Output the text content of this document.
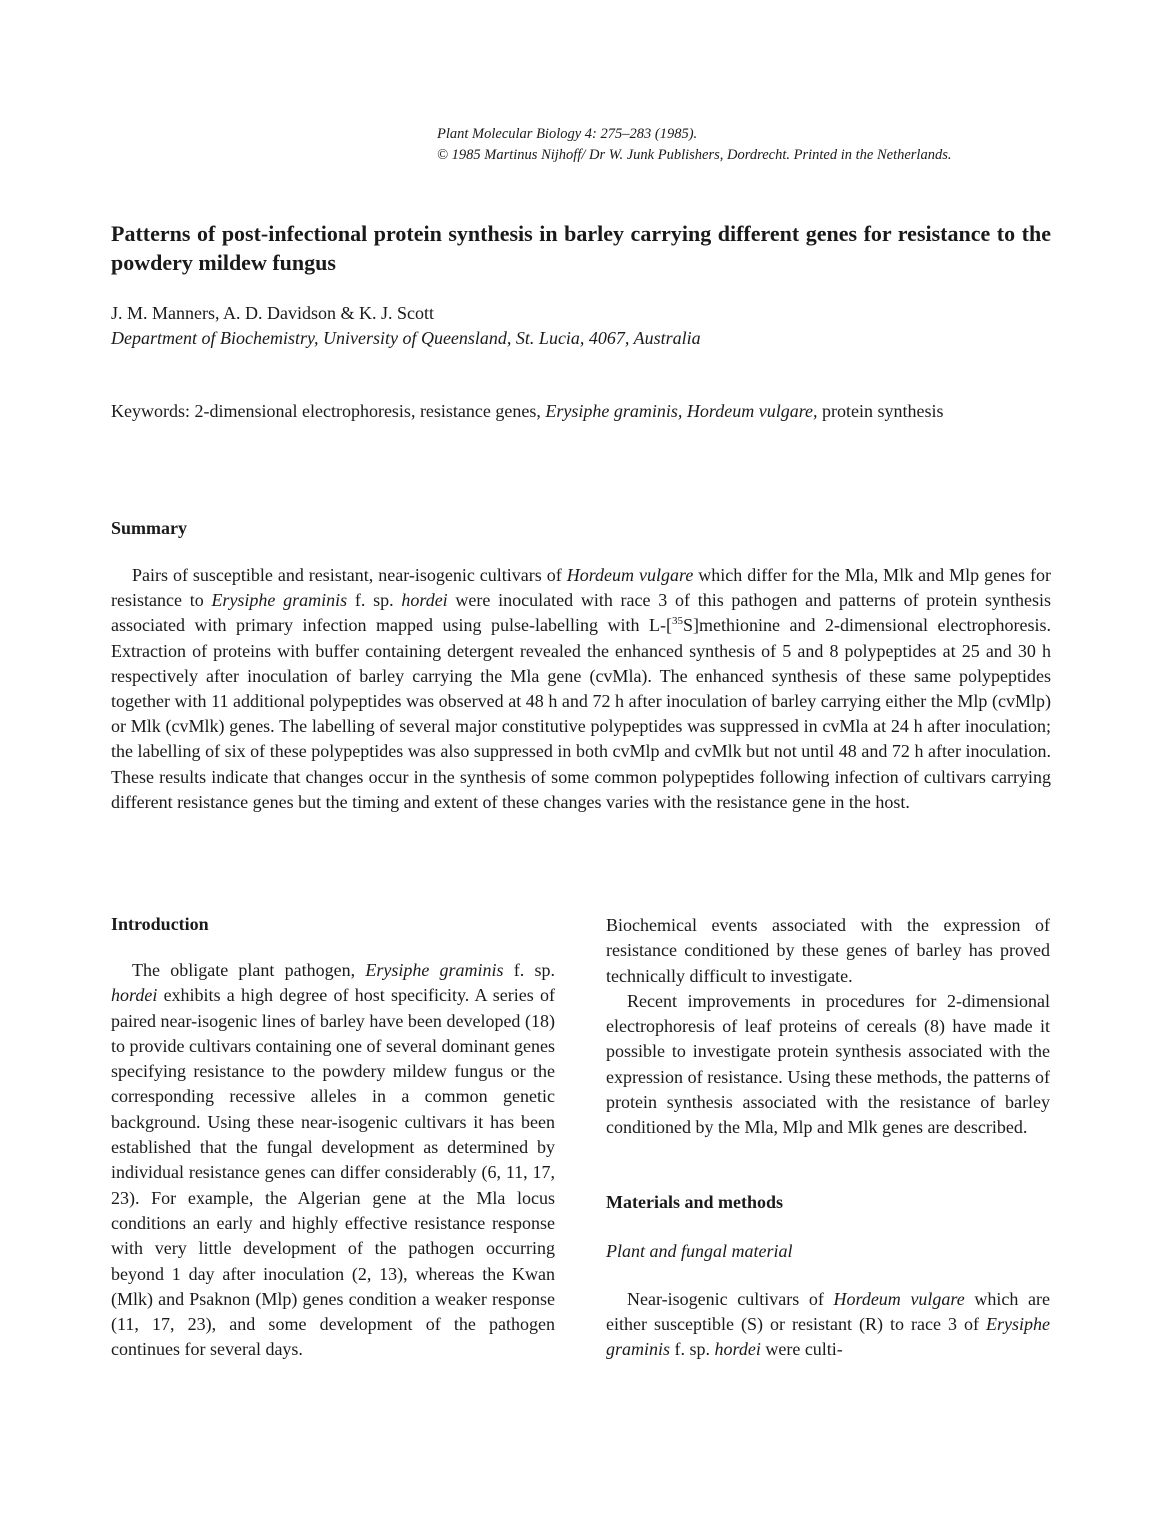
Plant Molecular Biology 4: 275–283 (1985).
© 1985 Martinus Nijhoff/ Dr W. Junk Publishers, Dordrecht. Printed in the Netherlands.
Patterns of post-infectional protein synthesis in barley carrying different genes for resistance to the powdery mildew fungus
J. M. Manners, A. D. Davidson & K. J. Scott
Department of Biochemistry, University of Queensland, St. Lucia, 4067, Australia
Keywords: 2-dimensional electrophoresis, resistance genes, Erysiphe graminis, Hordeum vulgare, protein synthesis
Summary

Pairs of susceptible and resistant, near-isogenic cultivars of Hordeum vulgare which differ for the Mla, Mlk and Mlp genes for resistance to Erysiphe graminis f. sp. hordei were inoculated with race 3 of this pathogen and patterns of protein synthesis associated with primary infection mapped using pulse-labelling with L-[$^{35}$S]methionine and 2-dimensional electrophoresis. Extraction of proteins with buffer containing detergent revealed the enhanced synthesis of 5 and 8 polypeptides at 25 and 30 h respectively after inoculation of barley carrying the Mla gene (cvMla). The enhanced synthesis of these same polypeptides together with 11 additional polypeptides was observed at 48 h and 72 h after inoculation of barley carrying either the Mlp (cvMlp) or Mlk (cvMlk) genes. The labelling of several major constitutive polypeptides was suppressed in cvMla at 24 h after inoculation; the labelling of six of these polypeptides was also suppressed in both cvMlp and cvMlk but not until 48 and 72 h after inoculation. These results indicate that changes occur in the synthesis of some common polypeptides following infection of cultivars carrying different resistance genes but the timing and extent of these changes varies with the resistance gene in the host.

Introduction

The obligate plant pathogen, Erysiphe graminis f. sp. hordei exhibits a high degree of host specificity. A series of paired near-isogenic lines of barley have been developed (18) to provide cultivars containing one of several dominant genes specifying resistance to the powdery mildew fungus or the corresponding recessive alleles in a common genetic background. Using these near-isogenic cultivars it has been established that the fungal development as determined by individual resistance genes can differ considerably (6, 11, 17, 23). For example, the Algerian gene at the Mla locus conditions an early and highly effective resistance response with very little development of the pathogen occurring beyond 1 day after inoculation (2, 13), whereas the Kwan (Mlk) and Psaknon (Mlp) genes condition a weaker response (11, 17, 23), and some development of the pathogen continues for several days.

Biochemical events associated with the expression of resistance conditioned by these genes of barley has proved technically difficult to investigate.

Recent improvements in procedures for 2-dimensional electrophoresis of leaf proteins of cereals (8) have made it possible to investigate protein synthesis associated with the expression of resistance. Using these methods, the patterns of protein synthesis associated with the resistance of barley conditioned by the Mla, Mlp and Mlk genes are described.

Materials and methods
Plant and fungal material

Near-isogenic cultivars of Hordeum vulgare which are either susceptible (S) or resistant (R) to race 3 of Erysiphe graminis f. sp. hordei were culti-
